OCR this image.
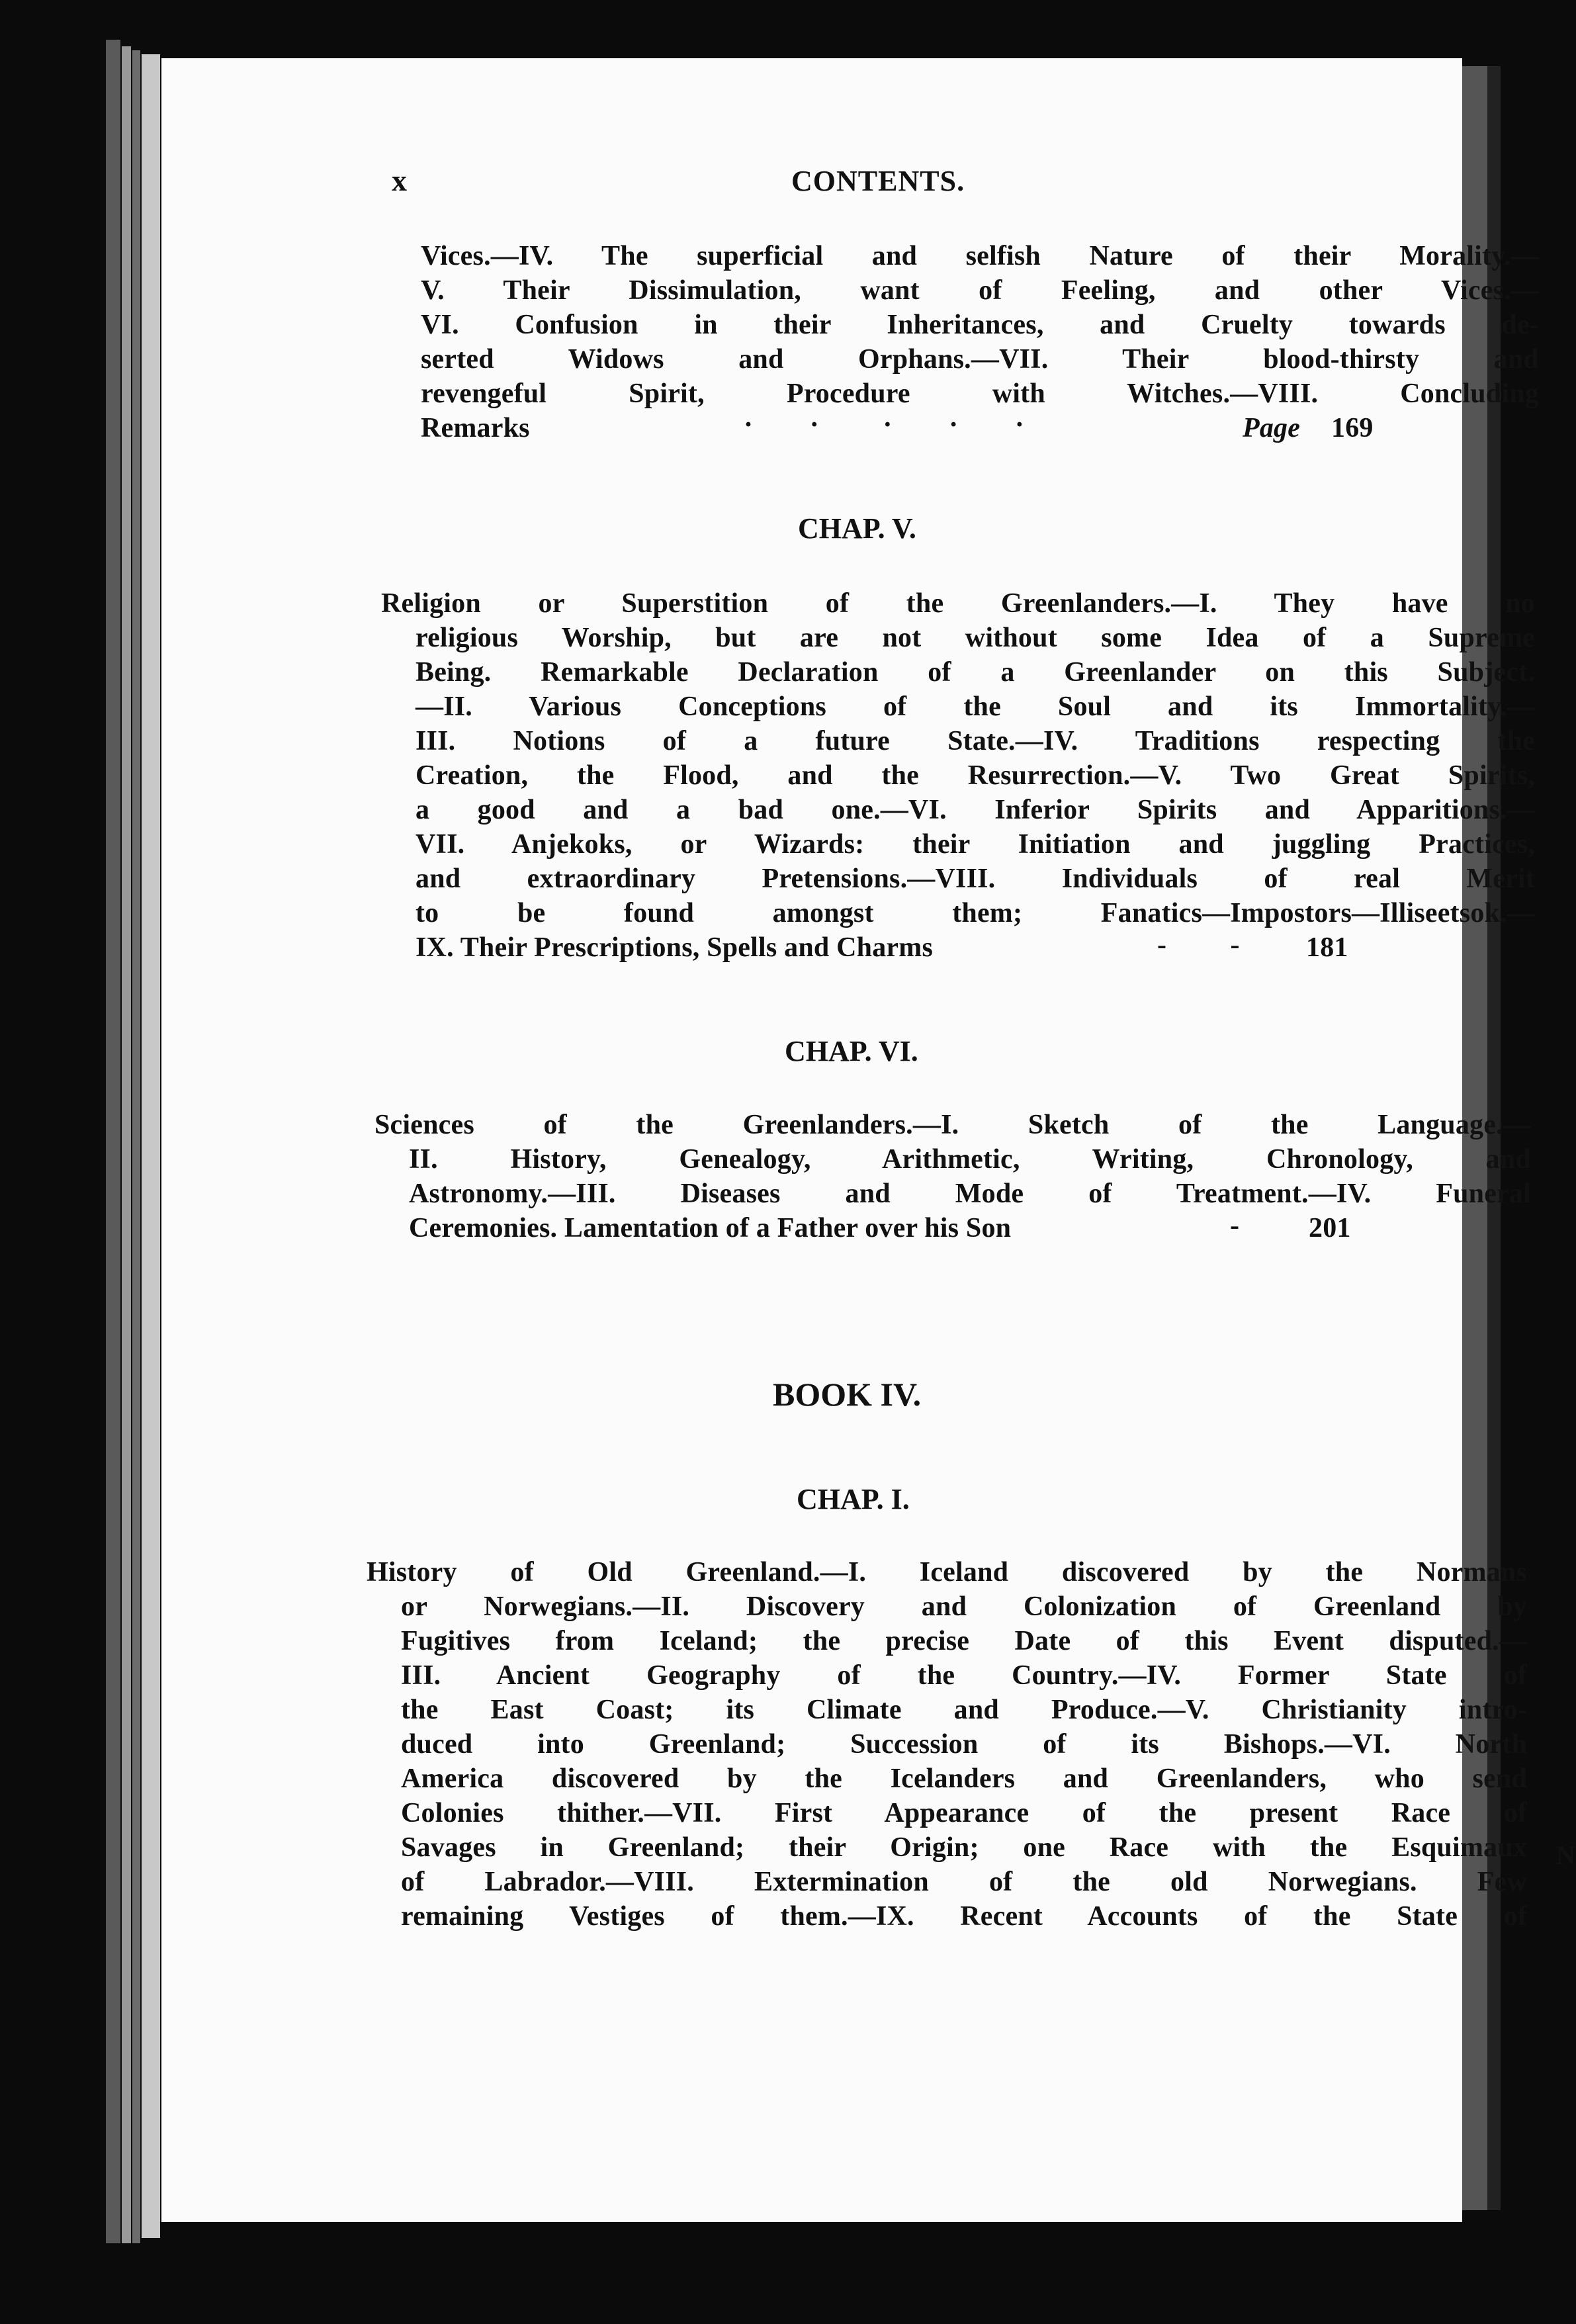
N
x	CONTENTS.
Vices.—IV. The superficial and selfish Nature of their Morality.—
V. Their Dissimulation, want of Feeling, and other Vices.—
VI. Confusion in their Inheritances, and Cruelty towards de-
serted Widows and Orphans.—VII. Their blood-thirsty and
revengeful Spirit, Procedure with Witches.—VIII. Concluding
Remarks	·        ·         ·        ·        ·	Page 169
CHAP. V.
Religion or Superstition of the Greenlanders.—I. They have no
religious Worship, but are not without some Idea of a Supreme
Being. Remarkable Declaration of a Greenlander on this Subject.
—II. Various Conceptions of the Soul and its Immortality.—
III. Notions of a future State.—IV. Traditions respecting the
Creation, the Flood, and the Resurrection.—V. Two Great Spirits,
a good and a bad one.—VI. Inferior Spirits and Apparitions.—
VII. Anjekoks, or Wizards: their Initiation and juggling Practices,
and extraordinary Pretensions.—VIII. Individuals of real Merit
to be found amongst them; Fanatics—Impostors—Illiseetsok.—
IX. Their Prescriptions, Spells and Charms	-         - 181
CHAP. VI.
Sciences of the Greenlanders.—I. Sketch of the Language.—
II. History, Genealogy, Arithmetic, Writing, Chronology, and
Astronomy.—III. Diseases and Mode of Treatment.—IV. Funeral
Ceremonies. Lamentation of a Father over his Son	- 201
BOOK IV.
CHAP. I.
History of Old Greenland.—I. Iceland discovered by the Normans
or Norwegians.—II. Discovery and Colonization of Greenland by
Fugitives from Iceland; the precise Date of this Event disputed.—
III. Ancient Geography of the Country.—IV. Former State of
the East Coast; its Climate and Produce.—V. Christianity intro-
duced into Greenland; Succession of its Bishops.—VI. North
America discovered by the Icelanders and Greenlanders, who send
Colonies thither.—VII. First Appearance of the present Race of
Savages in Greenland; their Origin; one Race with the Esquimaux
of Labrador.—VIII. Extermination of the old Norwegians. Few
remaining Vestiges of them.—IX. Recent Accounts of the State of
